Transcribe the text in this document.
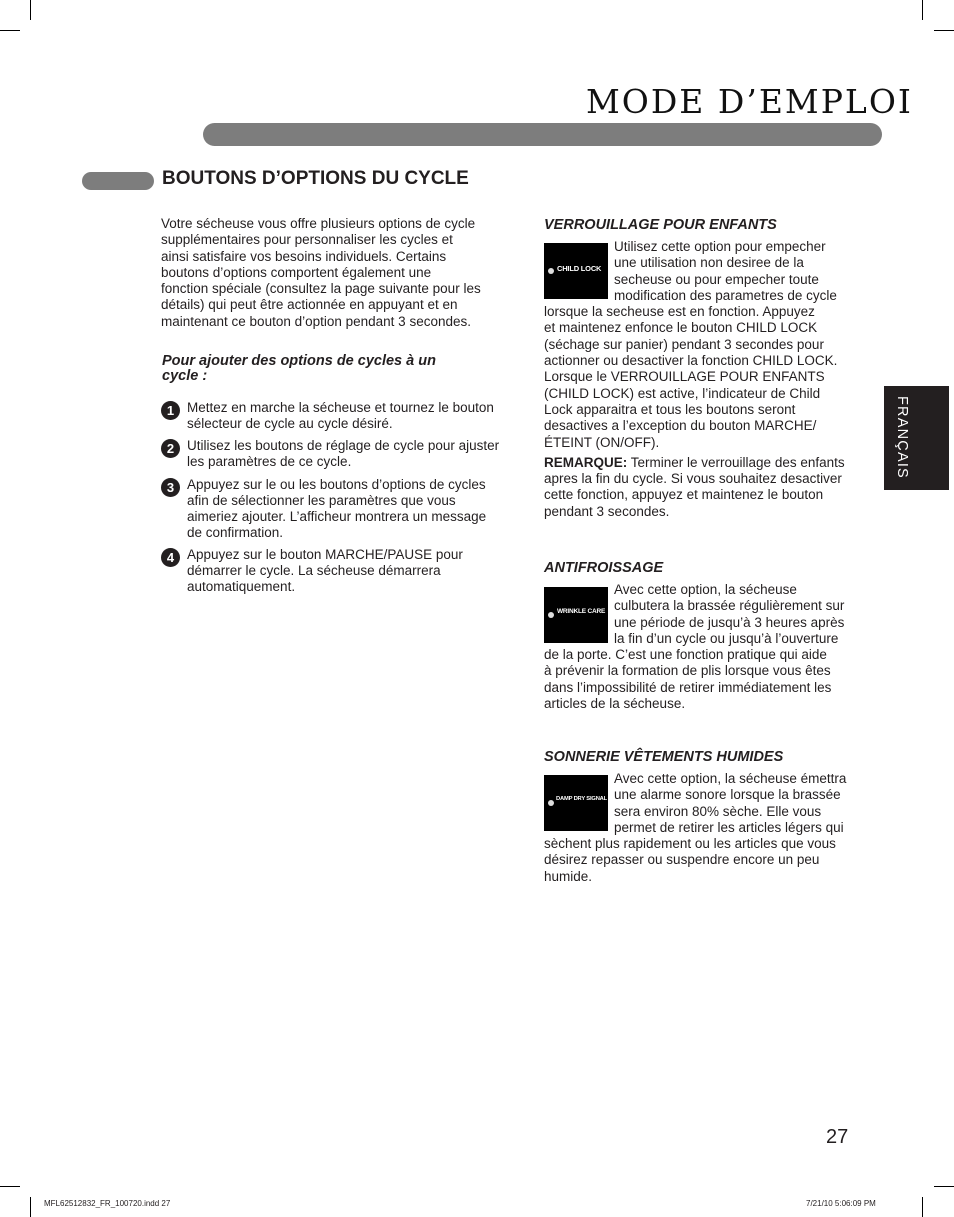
MODE D’EMPLOI
BOUTONS D’OPTIONS DU CYCLE
Votre sécheuse vous offre plusieurs options de cycle supplémentaires pour personnaliser les cycles et ainsi satisfaire vos besoins individuels. Certains boutons d’options comportent également une fonction spéciale (consultez la page suivante pour les détails) qui peut être actionnée en appuyant et en maintenant ce bouton d’option pendant 3 secondes.
Pour ajouter des options de cycles à un cycle :
1 Mettez en marche la sécheuse et tournez le bouton sélecteur de cycle au cycle désiré.
2 Utilisez les boutons de réglage de cycle pour ajuster les paramètres de ce cycle.
3 Appuyez sur le ou les boutons d’options de cycles afin de sélectionner les paramètres que vous aimeriez ajouter. L’afficheur montrera un message de confirmation.
4 Appuyez sur le bouton MARCHE/PAUSE pour démarrer le cycle. La sécheuse démarrera automatiquement.
VERROUILLAGE POUR ENFANTS
CHILD LOCK
Utilisez cette option pour empecher
une utilisation non desiree de la
secheuse ou pour empecher toute
modification des parametres de cycle
lorsque la secheuse est en fonction. Appuyez
et maintenez enfonce le bouton CHILD LOCK
(séchage sur panier) pendant 3 secondes pour
actionner ou desactiver la fonction CHILD LOCK.
Lorsque le VERROUILLAGE POUR ENFANTS
(CHILD LOCK) est active, l’indicateur de Child
Lock apparaitra et tous les boutons seront
desactives a l’exception du bouton MARCHE/
ÉTEINT (ON/OFF).
REMARQUE: Terminer le verrouillage des enfants
apres la fin du cycle. Si vous souhaitez desactiver
cette fonction, appuyez et maintenez le bouton
pendant 3 secondes.
ANTIFROISSAGE
WRINKLE CARE
Avec cette option, la sécheuse
culbutera la brassée régulièrement sur
une période de jusqu’à 3 heures après
la fin d’un cycle ou jusqu’à l’ouverture
de la porte. C’est une fonction pratique qui aide
à prévenir la formation de plis lorsque vous êtes
dans l’impossibilité de retirer immédiatement les
articles de la sécheuse.
SONNERIE VÊTEMENTS HUMIDES
DAMP DRY SIGNAL
Avec cette option, la sécheuse émettra
une alarme sonore lorsque la brassée
sera environ 80% sèche. Elle vous
permet de retirer les articles légers qui
sèchent plus rapidement ou les articles que vous
désirez repasser ou suspendre encore un peu
humide.
FRANÇAIS
27
MFL62512832_FR_100720.indd 27	7/21/10 5:06:09 PM
